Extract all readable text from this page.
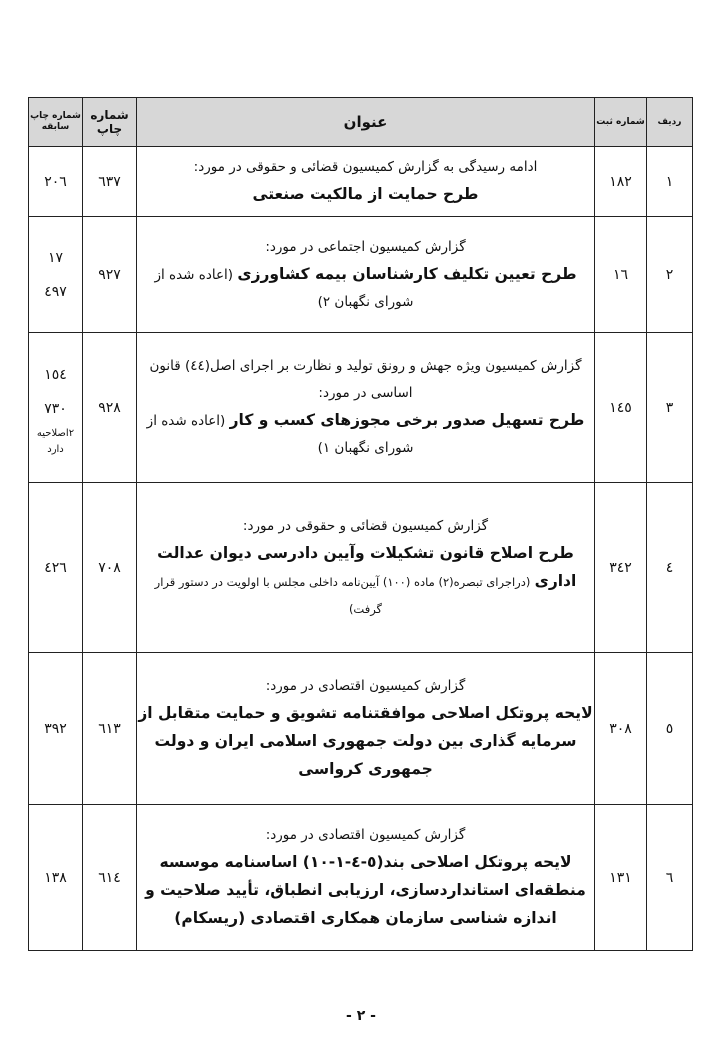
ردیف	شماره ثبت	عنوان	شماره چاپ	شماره چاپ سابقه
۱	۱۸۲	ادامه رسیدگی به گزارش کمیسیون قضائی و حقوقی در مورد:
طرح حمایت از مالکیت صنعتی	٦۳۷	۲۰٦

۲	۱٦	گزارش کمیسیون اجتماعی در مورد:
طرح تعیین تکلیف کارشناسان بیمه کشاورزی (اعاده شده از شورای نگهبان ۲)	۹۲۷	۱۷
٤۹۷

۳	۱٤٥	گزارش کمیسیون ویژه جهش و رونق تولید و نظارت بر اجرای اصل(٤٤) قانون اساسی در مورد:
طرح تسهیل صدور برخی مجوزهای کسب و کار (اعاده شده از شورای نگهبان ۱)	۹۲۸	۱٥٤
۷۳۰
۲اصلاحیه دارد

٤	۳٤۲	گزارش کمیسیون قضائی و حقوقی در مورد:
طرح اصلاح قانون تشکیلات وآیین دادرسی دیوان عدالت اداری (دراجرای تبصره(۲) ماده (۱۰۰) آیین‌نامه داخلی مجلس با اولویت در دستور قرار گرفت)	۷۰۸	٤۲٦

٥	۳۰۸	گزارش کمیسیون اقتصادی در مورد:
لایحه پروتکل اصلاحی موافقتنامه تشویق و حمایت متقابل از سرمایه گذاری بین دولت جمهوری اسلامی ایران و دولت جمهوری کرواسی	٦۱۳	۳۹۲

٦	۱۳۱	گزارش کمیسیون اقتصادی در مورد:
لایحه پروتکل اصلاحی بند(٥-٤-۱-۱۰) اساسنامه موسسه منطقه‌ای استانداردسازی، ارزیابی انطباق، تأیید صلاحیت و اندازه شناسی سازمان همکاری اقتصادی (ریسکام)	٦۱٤	۱۳۸
- ۲ -
